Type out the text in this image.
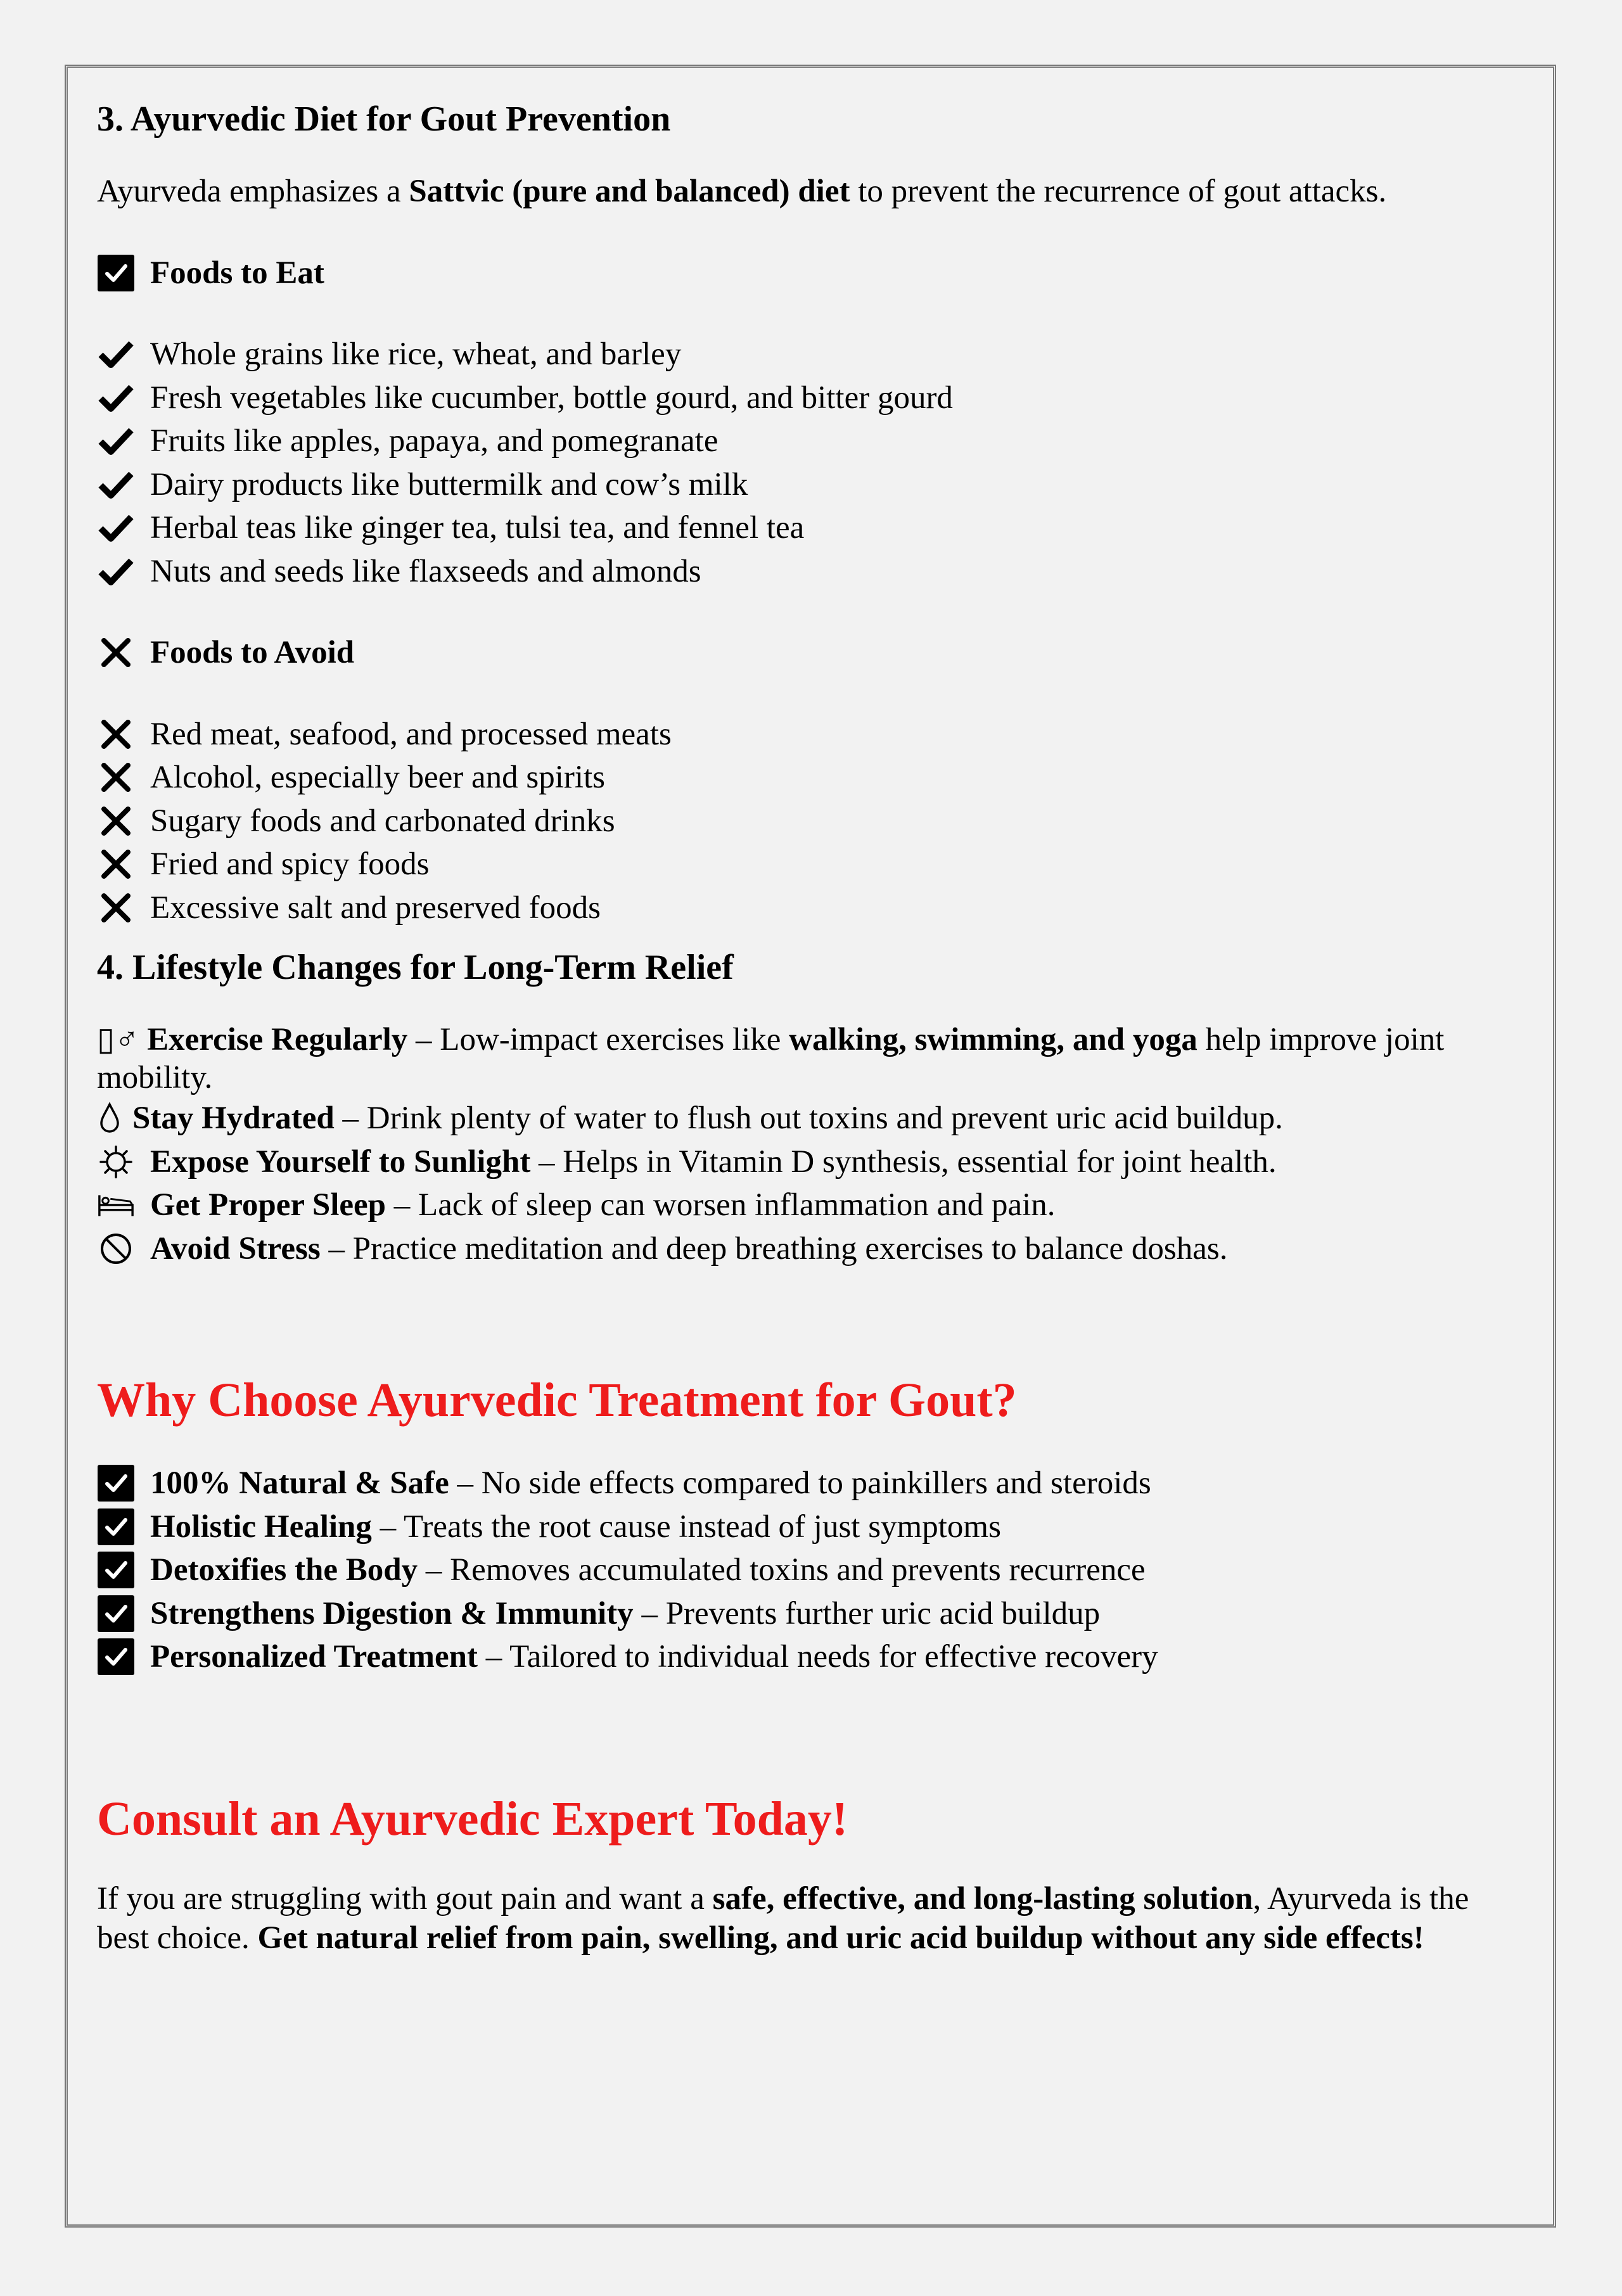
3. Ayurvedic Diet for Gout Prevention

Ayurveda emphasizes a Sattvic (pure and balanced) diet to prevent the recurrence of gout attacks.

Foods to Eat
Whole grains like rice, wheat, and barley
Fresh vegetables like cucumber, bottle gourd, and bitter gourd
Fruits like apples, papaya, and pomegranate
Dairy products like buttermilk and cow’s milk
Herbal teas like ginger tea, tulsi tea, and fennel tea
Nuts and seeds like flaxseeds and almonds
Foods to Avoid
Red meat, seafood, and processed meats
Alcohol, especially beer and spirits
Sugary foods and carbonated drinks
Fried and spicy foods
Excessive salt and preserved foods
4. Lifestyle Changes for Long-Term Relief

▯♂ Exercise Regularly – Low-impact exercises like walking, swimming, and yoga help improve joint mobility.

Stay Hydrated – Drink plenty of water to flush out toxins and prevent uric acid buildup.
Expose Yourself to Sunlight – Helps in Vitamin D synthesis, essential for joint health.
Get Proper Sleep – Lack of sleep can worsen inflammation and pain.
Avoid Stress – Practice meditation and deep breathing exercises to balance doshas.
Why Choose Ayurvedic Treatment for Gout?
100% Natural & Safe – No side effects compared to painkillers and steroids
Holistic Healing – Treats the root cause instead of just symptoms
Detoxifies the Body – Removes accumulated toxins and prevents recurrence
Strengthens Digestion & Immunity – Prevents further uric acid buildup
Personalized Treatment – Tailored to individual needs for effective recovery
Consult an Ayurvedic Expert Today!

If you are struggling with gout pain and want a safe, effective, and long-lasting solution, Ayurveda is the best choice. Get natural relief from pain, swelling, and uric acid buildup without any side effects!
